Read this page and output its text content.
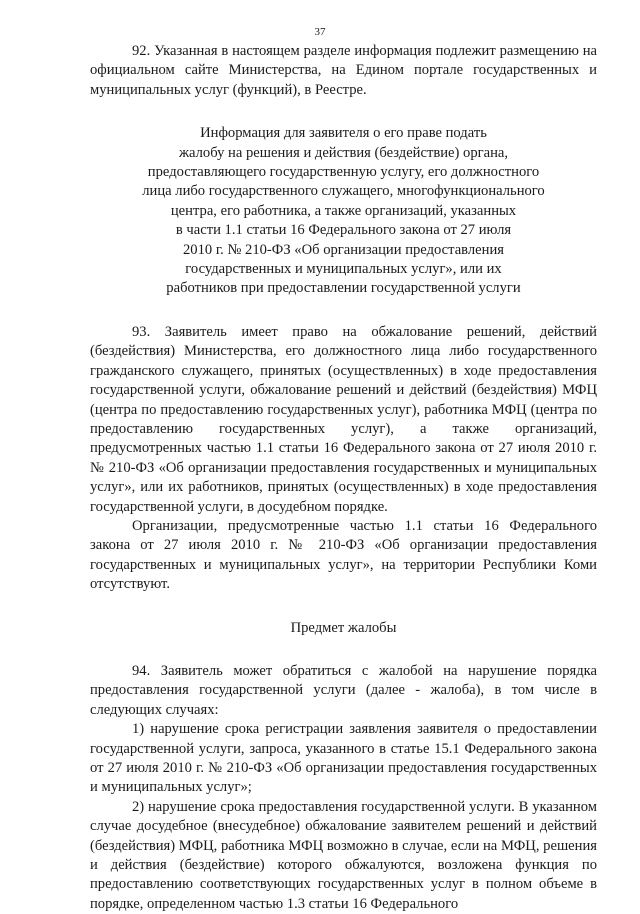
37

92. Указанная в настоящем разделе информация подлежит размещению на официальном сайте Министерства, на Едином портале государственных и муниципальных услуг (функций), в Реестре.

Информация для заявителя о его праве подать
жалобу на решения и действия (бездействие) органа,
предоставляющего государственную услугу, его должностного
лица либо государственного служащего, многофункционального
центра, его работника, а также организаций, указанных
в части 1.1 статьи 16 Федерального закона от 27 июля
2010 г. № 210-ФЗ «Об организации предоставления
государственных и муниципальных услуг», или их
работников при предоставлении государственной услуги

93. Заявитель имеет право на обжалование решений, действий (бездействия) Министерства, его должностного лица либо государственного гражданского служащего, принятых (осуществленных) в ходе предоставления государственной услуги, обжалование решений и действий (бездействия) МФЦ (центра по предоставлению государственных услуг), работника МФЦ (центра по предоставлению государственных услуг), а также организаций, предусмотренных частью 1.1 статьи 16 Федерального закона от 27 июля 2010 г. № 210-ФЗ «Об организации предоставления государственных и муниципальных услуг», или их работников, принятых (осуществленных) в ходе предоставления государственной услуги, в досудебном порядке.

Организации, предусмотренные частью 1.1 статьи 16 Федерального закона от 27 июля 2010 г. № 210-ФЗ «Об организации предоставления государственных и муниципальных услуг», на территории Республики Коми отсутствуют.

Предмет жалобы

94. Заявитель может обратиться с жалобой на нарушение порядка предоставления государственной услуги (далее - жалоба), в том числе в следующих случаях:

1) нарушение срока регистрации заявления заявителя о предоставлении государственной услуги, запроса, указанного в статье 15.1 Федерального закона от 27 июля 2010 г. № 210-ФЗ «Об организации предоставления государственных и муниципальных услуг»;

2) нарушение срока предоставления государственной услуги. В указанном случае досудебное (внесудебное) обжалование заявителем решений и действий (бездействия) МФЦ, работника МФЦ возможно в случае, если на МФЦ, решения и действия (бездействие) которого обжалуются, возложена функция по предоставлению соответствующих государственных услуг в полном объеме в порядке, определенном частью 1.3 статьи 16 Федерального
